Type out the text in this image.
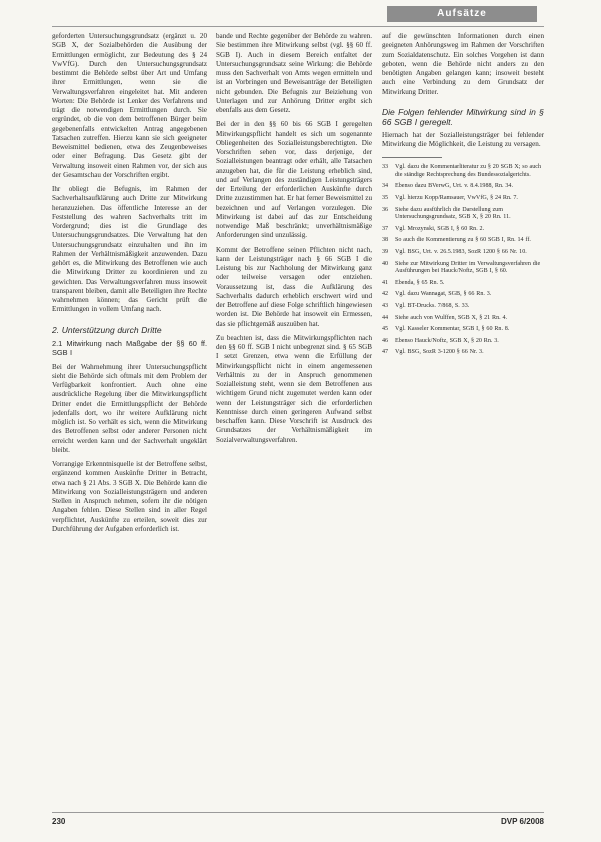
Aufsätze

geforderten Untersuchungsgrundsatz (ergänzt u. 20 SGB X, der Sozialbehörden die Ausübung der Ermittlungen ermöglicht, zur Bedeutung des § 24 VwVfG). Durch den Untersuchungsgrundsatz bestimmt die Behörde selbst über Art und Umfang ihrer Ermittlungen, wenn sie die Verwaltungsverfahren eingeleitet hat. Mit anderen Worten: Die Behörde ist Lenker des Verfahrens und trägt die notwendigen Ermittlungen durch. Sie ergründet, ob die von dem betroffenen Bürger beim gegebenenfalls entwickelten Antrag angegebenen Tatsachen zutreffen. Hierzu kann sie sich geeigneter Beweismittel bedienen, etwa des Zeugenbeweises oder einer Befragung. Das Gesetz gibt der Verwaltung insoweit einen Rahmen vor, der sich aus der Gesamtschau der Vorschriften ergibt.

Ihr obliegt die Befugnis, im Rahmen der Sachverhaltsaufklärung auch Dritte zur Mitwirkung heranzuziehen. Das öffentliche Interesse an der Feststellung des wahren Sachverhalts tritt im Vordergrund; dies ist die Grundlage des Untersuchungsgrundsatzes. Die Verwaltung hat den Untersuchungsgrundsatz einzuhalten und ihn im Rahmen der Verhältnismäßigkeit anzuwenden. Dazu gehört es, die Mitwirkung des Betroffenen wie auch die Mitwirkung Dritter zu koordinieren und zu gewichten. Das Verwaltungsverfahren muss insoweit transparent bleiben, damit alle Beteiligten ihre Rechte wahrnehmen können; das Gericht prüft die Ermittlungen in vollem Umfang nach.

2. Unterstützung durch Dritte
2.1 Mitwirkung nach Maßgabe der §§ 60 ff. SGB I

Bei der Wahrnehmung ihrer Untersuchungspflicht sieht die Behörde sich oftmals mit dem Problem der Verfügbarkeit konfrontiert. Auch ohne eine ausdrückliche Regelung über die Mitwirkungspflicht Dritter endet die Ermittlungspflicht der Behörde jedenfalls dort, wo ihr weitere Aufklärung nicht möglich ist. So verhält es sich, wenn die Mitwirkung des Betroffenen selbst oder anderer Personen nicht erreicht werden kann und der Sachverhalt ungeklärt bleibt.

Vorrangige Erkenntnisquelle ist der Betroffene selbst, ergänzend kommen Auskünfte Dritter in Betracht, etwa nach § 21 Abs. 3 SGB X. Die Behörde kann die Mitwirkung von Sozialleistungsträgern und anderen Stellen in Anspruch nehmen, sofern ihr die nötigen Angaben fehlen. Diese Stellen sind in aller Regel verpflichtet, Auskünfte zu erteilen, soweit dies zur Durchführung der Aufgaben erforderlich ist.

bande und Rechte gegenüber der Behörde zu wahren. Sie bestimmen ihre Mitwirkung selbst (vgl. §§ 60 ff. SGB I). Auch in diesem Bereich entfaltet der Untersuchungsgrundsatz seine Wirkung: die Behörde muss den Sachverhalt von Amts wegen ermitteln und ist an Vorbringen und Beweisanträge der Beteiligten nicht gebunden. Die Befugnis zur Beiziehung von Unterlagen und zur Anhörung Dritter ergibt sich ebenfalls aus dem Gesetz.

Bei der in den §§ 60 bis 66 SGB I geregelten Mitwirkungspflicht handelt es sich um sogenannte Obliegenheiten des Sozialleistungsberechtigten. Die Vorschriften sehen vor, dass derjenige, der Sozialleistungen beantragt oder erhält, alle Tatsachen anzugeben hat, die für die Leistung erheblich sind, und auf Verlangen des zuständigen Leistungsträgers der Erteilung der erforderlichen Auskünfte durch Dritte zuzustimmen hat. Er hat ferner Beweismittel zu bezeichnen und auf Verlangen vorzulegen. Die Mitwirkung ist dabei auf das zur Entscheidung notwendige Maß beschränkt; unverhältnismäßige Anforderungen sind unzulässig.

Kommt der Betroffene seinen Pflichten nicht nach, kann der Leistungsträger nach § 66 SGB I die Leistung bis zur Nachholung der Mitwirkung ganz oder teilweise versagen oder entziehen. Voraussetzung ist, dass die Aufklärung des Sachverhalts dadurch erheblich erschwert wird und der Betroffene auf diese Folge schriftlich hingewiesen worden ist. Die Behörde hat insoweit ein Ermessen, das sie pflichtgemäß auszuüben hat.

Zu beachten ist, dass die Mitwirkungspflichten nach den §§ 60 ff. SGB I nicht unbegrenzt sind. § 65 SGB I setzt Grenzen, etwa wenn die Erfüllung der Mitwirkungspflicht nicht in einem angemessenen Verhältnis zu der in Anspruch genommenen Sozialleistung steht, wenn sie dem Betroffenen aus wichtigem Grund nicht zugemutet werden kann oder wenn der Leistungsträger sich die erforderlichen Kenntnisse durch einen geringeren Aufwand selbst beschaffen kann. Diese Vorschrift ist Ausdruck des Grundsatzes der Verhältnismäßigkeit im Sozialverwaltungsverfahren.

auf die gewünschten Informationen durch einen geeigneten Anhörungsweg im Rahmen der Vorschriften zum Sozialdatenschutz. Ein solches Vorgehen ist dann geboten, wenn die Behörde nicht anders zu den benötigten Angaben gelangen kann; insoweit besteht auch eine Verbindung zu dem Grundsatz der Mitwirkung Dritter.

Die Folgen fehlender Mitwirkung sind in § 66 SGB I geregelt.

Hiernach hat der Sozialleistungsträger bei fehlender Mitwirkung die Möglichkeit, die Leistung zu versagen.

33	Vgl. dazu die Kommentarliteratur zu § 20 SGB X; so auch die ständige Rechtsprechung des Bundessozialgerichts.
34	Ebenso dazu BVerwG, Urt. v. 8.4.1988, Rn. 34.
35	Vgl. hierzu Kopp/Ramsauer, VwVfG, § 24 Rn. 7.
36	Siehe dazu ausführlich die Darstellung zum Untersuchungsgrundsatz, SGB X, § 20 Rn. 11.
37	Vgl. Mrozynski, SGB I, § 60 Rn. 2.
38	So auch die Kommentierung zu § 60 SGB I, Rn. 14 ff.
39	Vgl. BSG, Urt. v. 26.5.1983, SozR 1200 § 66 Nr. 10.
40	Siehe zur Mitwirkung Dritter im Verwaltungsverfahren die Ausführungen bei Hauck/Noftz, SGB I, § 60.
41	Ebenda, § 65 Rn. 5.
42	Vgl. dazu Wannagat, SGB, § 66 Rn. 3.
43	Vgl. BT-Drucks. 7/868, S. 33.
44	Siehe auch von Wulffen, SGB X, § 21 Rn. 4.
45	Vgl. Kasseler Kommentar, SGB I, § 60 Rn. 8.
46	Ebenso Hauck/Noftz, SGB X, § 20 Rn. 3.
47	Vgl. BSG, SozR 3-1200 § 66 Nr. 3.
230	DVP 6/2008
